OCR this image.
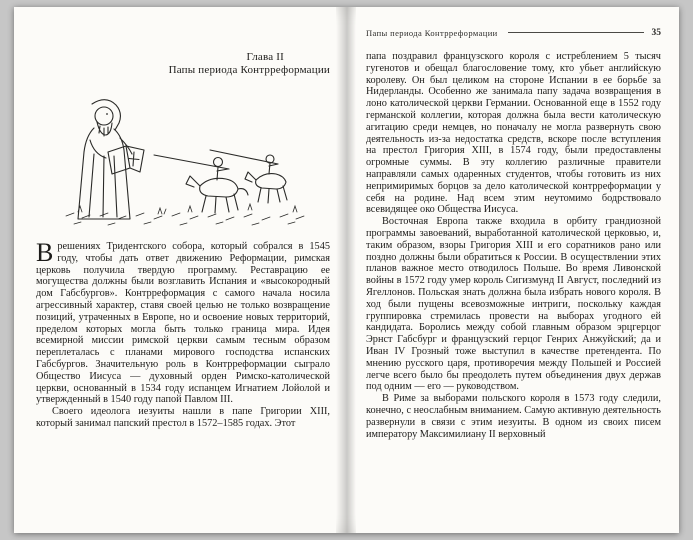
Глава II
Папы периода Контрреформации

Врешениях Тридентского собора, который собрался в 1545 году, чтобы дать ответ движению Реформации, римская церковь получила твердую программу. Реставрацию ее могущества должны были возглавить Испания и «высокородный дом Габсбургов». Контрреформация с самого начала носила агрессивный характер, ставя своей целью не только возвращение позиций, утраченных в Европе, но и освоение новых территорий, пределом которых могла быть только граница мира. Идея всемирной миссии римской церкви самым тесным образом переплеталась с планами мирового господства испанских Габсбургов. Значительную роль в Контрреформации сыграло Общество Иисуса — духовный орден Римско-католической церкви, основанный в 1534 году испанцем Игнатием Лойолой и утвержденный в 1540 году папой Павлом III.

Своего идеолога иезуиты нашли в папе Григории XIII, который занимал папский престол в 1572–1585 годах. Этот

Папы периода Контрреформации	35

папа поздравил французского короля с истреблением 5 тысяч гугенотов и обещал благословение тому, кто убьет английскую королеву. Он был целиком на стороне Испании в ее борьбе за Нидерланды. Особенно же занимала папу задача возвращения в лоно католической церкви Германии. Основанной еще в 1552 году германской коллегии, которая должна была вести католическую агитацию среди немцев, но поначалу не могла развернуть свою деятельность из-за недостатка средств, вскоре после вступления на престол Григория XIII, в 1574 году, были предоставлены огромные суммы. В эту коллегию различные правители направляли самых одаренных студентов, чтобы готовить из них непримиримых борцов за дело католической контрреформации у себя на родине. Над всем этим неутомимо бодрствовало всевидящее око Общества Иисуса.

Восточная Европа также входила в орбиту грандиозной программы завоеваний, выработанной католической церковью, и, таким образом, взоры Григория XIII и его соратников рано или поздно должны были обратиться к России. В осуществлении этих планов важное место отводилось Польше. Во время Ливонской войны в 1572 году умер король Сигизмунд II Август, последний из Ягеллонов. Польская знать должна была избрать нового короля. В ход были пущены всевозможные интриги, поскольку каждая группировка стремилась провести на выборах угодного ей кандидата. Боролись между собой главным образом эрцгерцог Эрнст Габсбург и французский герцог Генрих Анжуйский; да и Иван IV Грозный тоже выступил в качестве претендента. По мнению русского царя, противоречия между Польшей и Россией легче всего было бы преодолеть путем объединения двух держав под одним — его — руководством.

В Риме за выборами польского короля в 1573 году следили, конечно, с неослабным вниманием. Самую активную деятельность развернули в связи с этим иезуиты. В одном из своих писем императору Максимилиану II верховный
